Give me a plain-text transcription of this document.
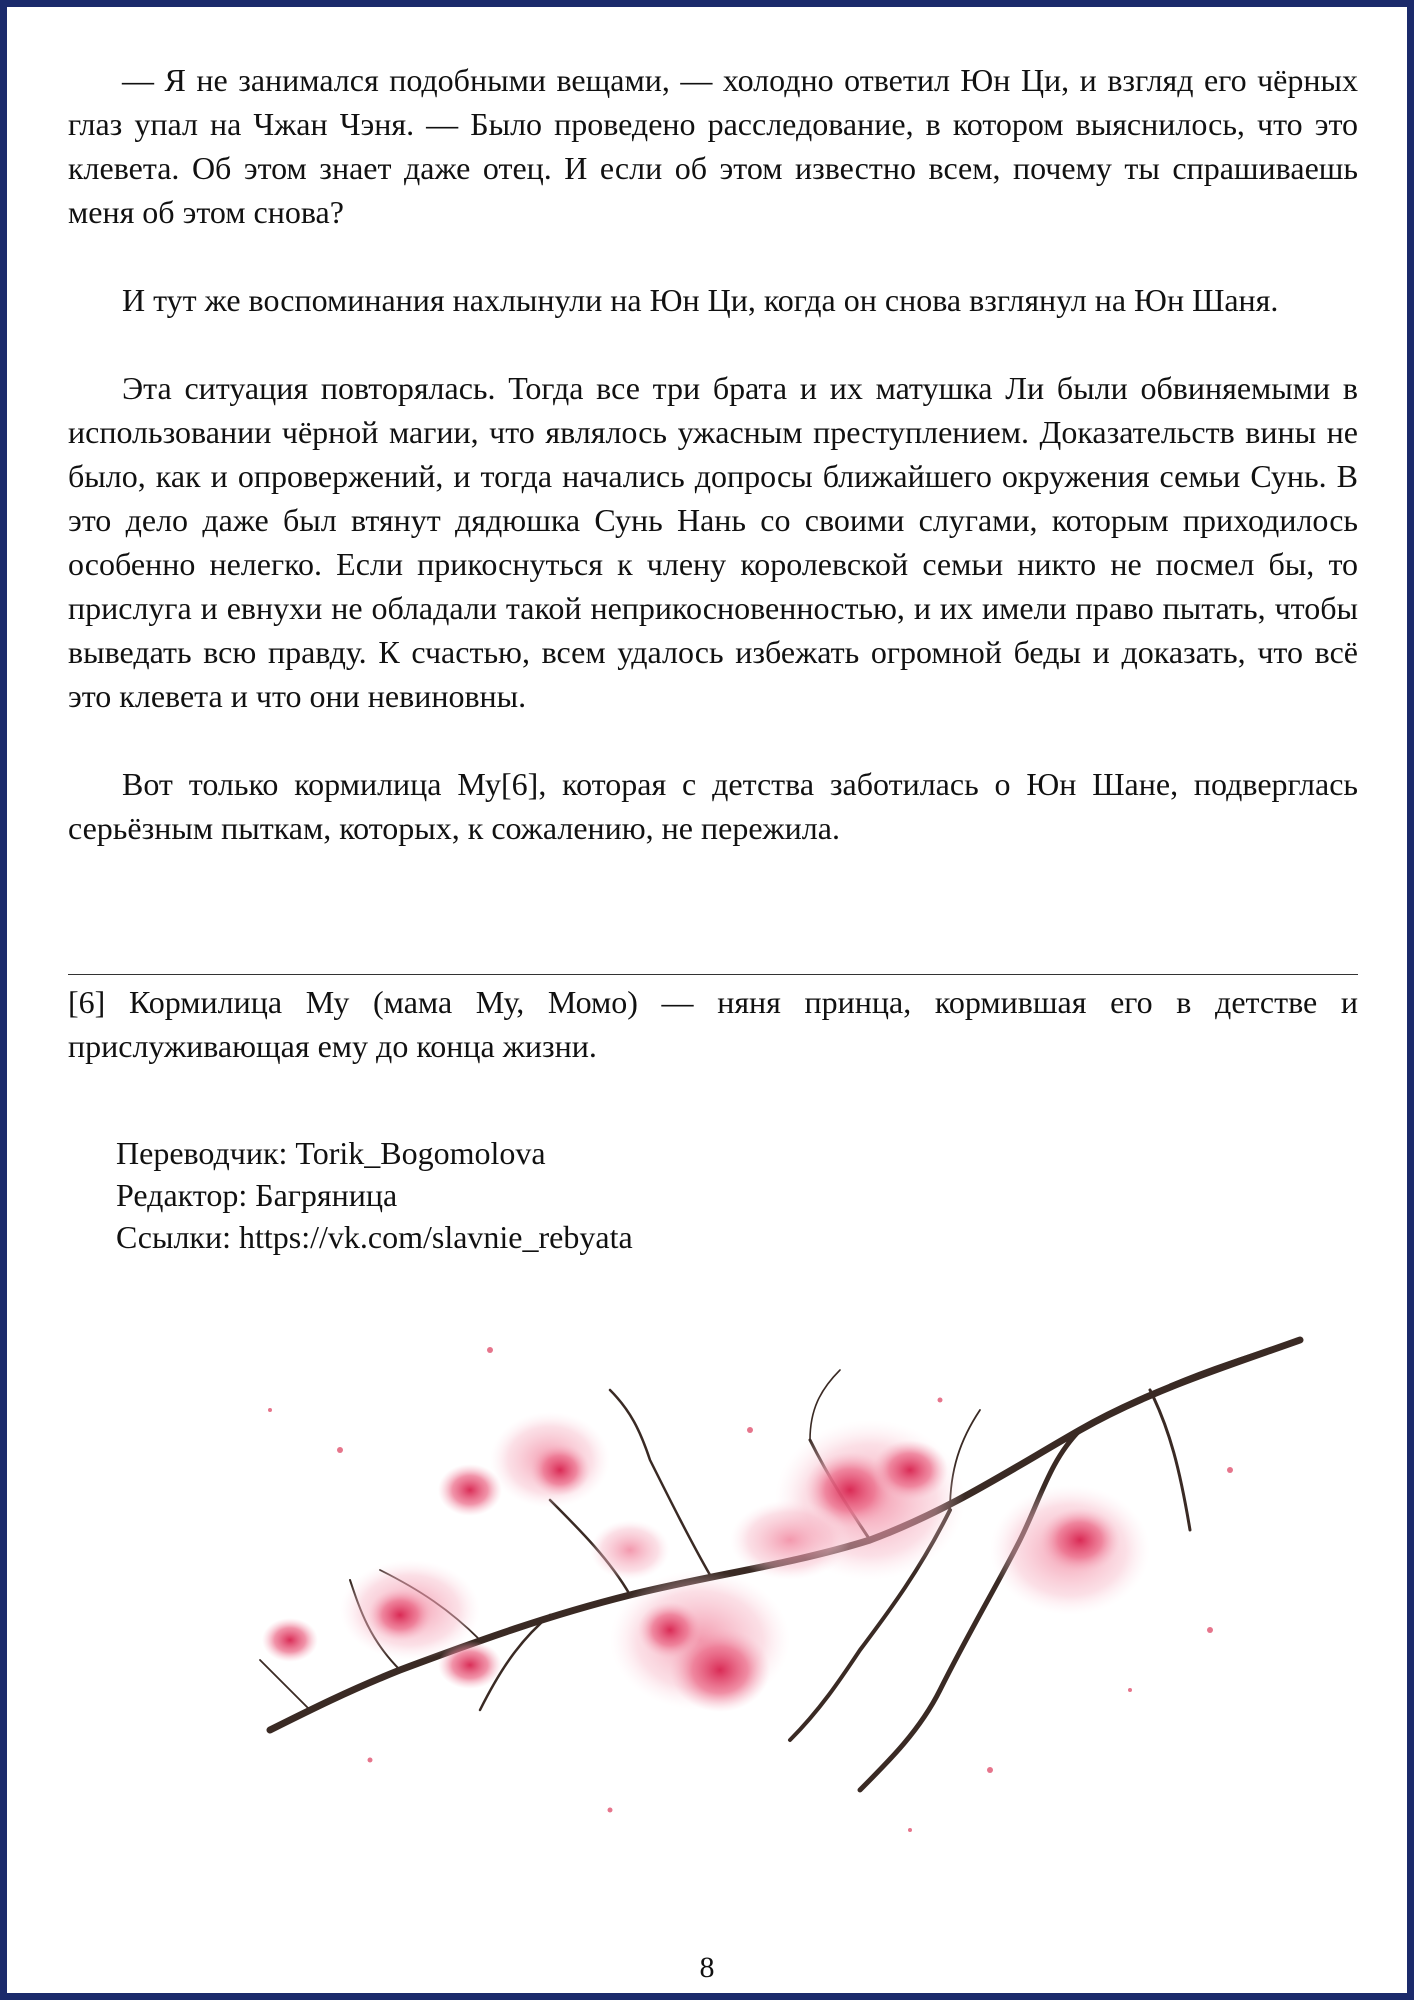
— Я не занимался подобными вещами, — холодно ответил Юн Ци, и взгляд его чёрных глаз упал на Чжан Чэня. — Было проведено расследование, в котором выяснилось, что это клевета. Об этом знает даже отец. И если об этом известно всем, почему ты спрашиваешь меня об этом снова?

И тут же воспоминания нахлынули на Юн Ци, когда он снова взглянул на Юн Шаня.

Эта ситуация повторялась. Тогда все три брата и их матушка Ли были обвиняемыми в использовании чёрной магии, что являлось ужасным преступлением. Доказательств вины не было, как и опровержений, и тогда начались допросы ближайшего окружения семьи Сунь. В это дело даже был втянут дядюшка Сунь Нань со своими слугами, которым приходилось особенно нелегко. Если прикоснуться к члену королевской семьи никто не посмел бы, то прислуга и евнухи не обладали такой неприкосновенностью, и их имели право пытать, чтобы выведать всю правду. К счастью, всем удалось избежать огромной беды и доказать, что всё это клевета и что они невиновны.

Вот только кормилица Му[6], которая с детства заботилась о Юн Шане, подверглась серьёзным пыткам, которых, к сожалению, не пережила.

[6] Кормилица Му (мама Му, Момо) — няня принца, кормившая его в детстве и прислуживающая ему до конца жизни.

Переводчик: Torik_Bogomolova
Редактор: Багряница
Ссылки: https://vk.com/slavnie_rebyata
8
